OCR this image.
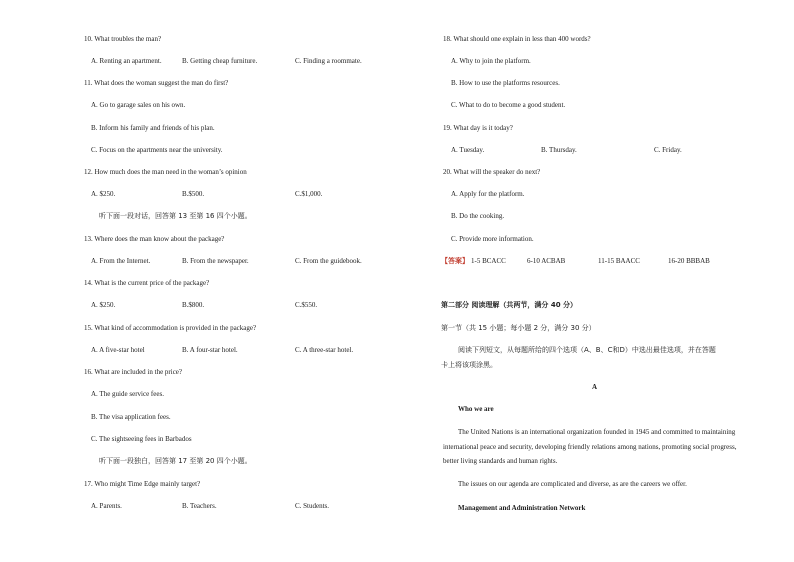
10. What troubles the man?
A. Renting an apartment.	B. Getting cheap furniture.	C. Finding a roommate.
11. What does the woman suggest the man do first?
A. Go to garage sales on his own.
B. Inform his family and friends of his plan.
C. Focus on the apartments near the university.
12. How much does the man need in the woman’s opinion
A. $250.	B.$500.	C.$1,000.
听下面一段对话，回答第 13 至第 16 四个小题。
13. Where does the man know about the package?
A. From the Internet.	B. From the newspaper.	C. From the guidebook.
14. What is the current price of the package?
A. $250.	B.$800.	C.$550.
15. What kind of accommodation is provided in the package?
A. A five-star hotel	B. A four-star hotel.	C. A three-star hotel.
16. What are included in the price?
A. The guide service fees.
B. The visa application fees.
C. The sightseeing fees in Barbados
听下面一段独白，回答第 17 至第 20 四个小题。
17. Who might Time Edge mainly target?
A. Parents.	B. Teachers.	C. Students.
18. What should one explain in less than 400 words?
A. Why to join the platform.
B. How to use the platforms resources.
C. What to do to become a good student.
19. What day is it today?
A. Tuesday.	B. Thursday.	C. Friday.
20. What will the speaker do next?
A. Apply for the platform.
B. Do the cooking.
C. Provide more information.
【答案】 1-5 BCACC	6-10 ACBAB	11-15 BAACC	16-20 BBBAB
第二部分 阅读理解（共两节，满分 40 分）
第一节（共 15 小题；每小题 2 分，满分 30 分）
阅读下列短文，从每题所给的四个选项（A、B、C和D）中选出最佳选项，并在答题
卡上将该项涂黑。
A
Who we are
The United Nations is an international organization founded in 1945 and committed to maintaining
international peace and security, developing friendly relations among nations, promoting social progress,
better living standards and human rights.
The issues on our agenda are complicated and diverse, as are the careers we offer.
Management and Administration Network
